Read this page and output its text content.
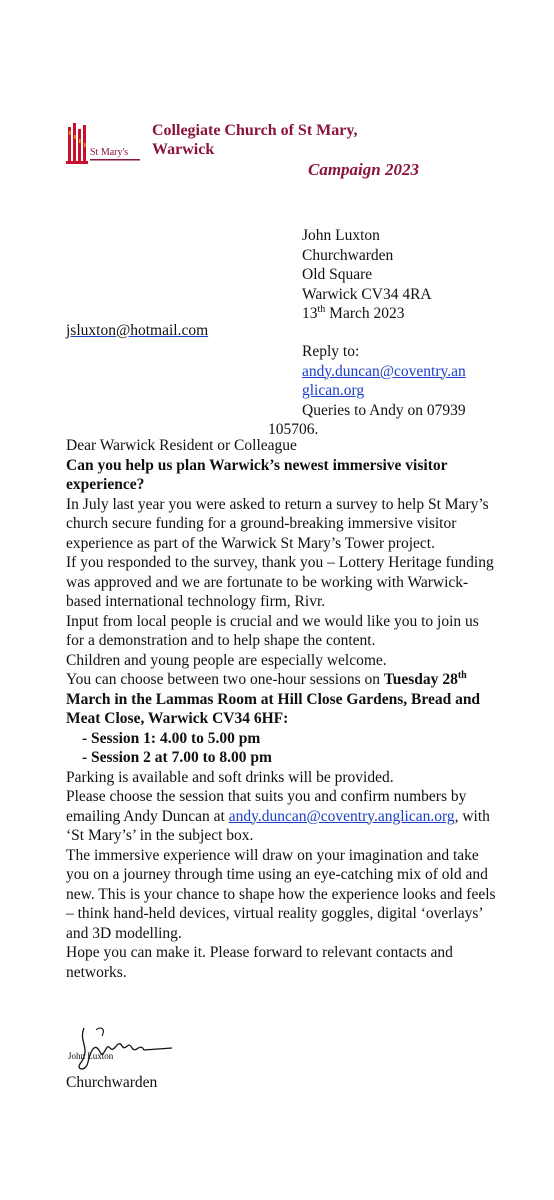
St Mary's
Collegiate Church of St Mary,
Warwick
Campaign 2023
John Luxton
Churchwarden
Old Square
Warwick CV34 4RA
13th March 2023
jsluxton@hotmail.com
Reply to:
andy.duncan@coventry.an
glican.org
Queries to Andy on 07939
105706.

Dear Warwick Resident or Colleague

Can you help us plan Warwick’s newest immersive visitor experience?

In July last year you were asked to return a survey to help St Mary’s church secure funding for a ground-breaking immersive visitor experience as part of the Warwick St Mary’s Tower project.

If you responded to the survey, thank you – Lottery Heritage funding was approved and we are fortunate to be working with Warwick-based international technology firm, Rivr.

Input from local people is crucial and we would like you to join us for a demonstration and to help shape the content.

Children and young people are especially welcome.

You can choose between two one-hour sessions on Tuesday 28th March in the Lammas Room at Hill Close Gardens, Bread and Meat Close, Warwick CV34 6HF:

- Session 1: 4.00 to 5.00 pm
- Session 2 at 7.00 to 8.00 pm

Parking is available and soft drinks will be provided.

Please choose the session that suits you and confirm numbers by emailing Andy Duncan at andy.duncan@coventry.anglican.org, with ‘St Mary’s’ in the subject box.

The immersive experience will draw on your imagination and take you on a journey through time using an eye-catching mix of old and new. This is your chance to shape how the experience looks and feels – think hand-held devices, virtual reality goggles, digital ‘overlays’ and 3D modelling.

Hope you can make it. Please forward to relevant contacts and networks.

John Luxton
Churchwarden
